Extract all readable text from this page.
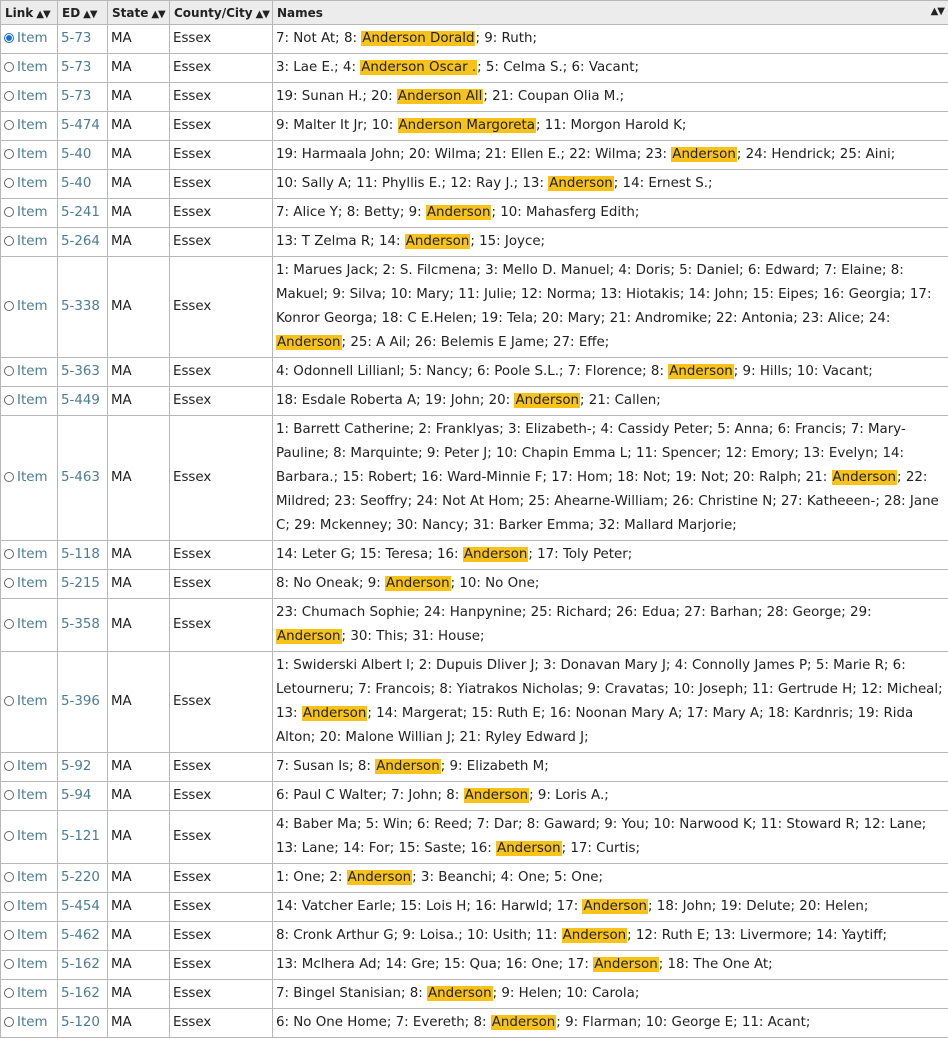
Link ▲▼	ED ▲▼	State ▲▼	County/City ▲▼	Names ▲▼

Item	5-73	MA	Essex	7: Not At; 8: Anderson Dorald; 9: Ruth;
Item	5-73	MA	Essex	3: Lae E.; 4: Anderson Oscar .; 5: Celma S.; 6: Vacant;
Item	5-73	MA	Essex	19: Sunan H.; 20: Anderson All; 21: Coupan Olia M.;
Item	5-474	MA	Essex	9: Malter It Jr; 10: Anderson Margoreta; 11: Morgon Harold K;
Item	5-40	MA	Essex	19: Harmaala John; 20: Wilma; 21: Ellen E.; 22: Wilma; 23: Anderson; 24: Hendrick; 25: Aini;
Item	5-40	MA	Essex	10: Sally A; 11: Phyllis E.; 12: Ray J.; 13: Anderson; 14: Ernest S.;
Item	5-241	MA	Essex	7: Alice Y; 8: Betty; 9: Anderson; 10: Mahasferg Edith;
Item	5-264	MA	Essex	13: T Zelma R; 14: Anderson; 15: Joyce;
Item	5-338	MA	Essex	1: Marues Jack; 2: S. Filcmena; 3: Mello D. Manuel; 4: Doris; 5: Daniel; 6: Edward; 7: Elaine; 8: Makuel; 9: Silva; 10: Mary; 11: Julie; 12: Norma; 13: Hiotakis; 14: John; 15: Eipes; 16: Georgia; 17: Konror Georga; 18: C E.Helen; 19: Tela; 20: Mary; 21: Andromike; 22: Antonia; 23: Alice; 24: Anderson; 25: A Ail; 26: Belemis E Jame; 27: Effe;
Item	5-363	MA	Essex	4: Odonnell Lillianl; 5: Nancy; 6: Poole S.L.; 7: Florence; 8: Anderson; 9: Hills; 10: Vacant;
Item	5-449	MA	Essex	18: Esdale Roberta A; 19: John; 20: Anderson; 21: Callen;
Item	5-463	MA	Essex	1: Barrett Catherine; 2: Franklyas; 3: Elizabeth-; 4: Cassidy Peter; 5: Anna; 6: Francis; 7: Mary-Pauline; 8: Marquinte; 9: Peter J; 10: Chapin Emma L; 11: Spencer; 12: Emory; 13: Evelyn; 14: Barbara.; 15: Robert; 16: Ward-Minnie F; 17: Hom; 18: Not; 19: Not; 20: Ralph; 21: Anderson; 22: Mildred; 23: Seoffry; 24: Not At Hom; 25: Ahearne-William; 26: Christine N; 27: Katheeen-; 28: Jane C; 29: Mckenney; 30: Nancy; 31: Barker Emma; 32: Mallard Marjorie;
Item	5-118	MA	Essex	14: Leter G; 15: Teresa; 16: Anderson; 17: Toly Peter;
Item	5-215	MA	Essex	8: No Oneak; 9: Anderson; 10: No One;
Item	5-358	MA	Essex	23: Chumach Sophie; 24: Hanpynine; 25: Richard; 26: Edua; 27: Barhan; 28: George; 29: Anderson; 30: This; 31: House;
Item	5-396	MA	Essex	1: Swiderski Albert I; 2: Dupuis Dliver J; 3: Donavan Mary J; 4: Connolly James P; 5: Marie R; 6: Letourneru; 7: Francois; 8: Yiatrakos Nicholas; 9: Cravatas; 10: Joseph; 11: Gertrude H; 12: Micheal; 13: Anderson; 14: Margerat; 15: Ruth E; 16: Noonan Mary A; 17: Mary A; 18: Kardnris; 19: Rida Alton; 20: Malone Willian J; 21: Ryley Edward J;
Item	5-92	MA	Essex	7: Susan Is; 8: Anderson; 9: Elizabeth M;
Item	5-94	MA	Essex	6: Paul C Walter; 7: John; 8: Anderson; 9: Loris A.;
Item	5-121	MA	Essex	4: Baber Ma; 5: Win; 6: Reed; 7: Dar; 8: Gaward; 9: You; 10: Narwood K; 11: Stoward R; 12: Lane; 13: Lane; 14: For; 15: Saste; 16: Anderson; 17: Curtis;
Item	5-220	MA	Essex	1: One; 2: Anderson; 3: Beanchi; 4: One; 5: One;
Item	5-454	MA	Essex	14: Vatcher Earle; 15: Lois H; 16: Harwld; 17: Anderson; 18: John; 19: Delute; 20: Helen;
Item	5-462	MA	Essex	8: Cronk Arthur G; 9: Loisa.; 10: Usith; 11: Anderson; 12: Ruth E; 13: Livermore; 14: Yaytiff;
Item	5-162	MA	Essex	13: Mclhera Ad; 14: Gre; 15: Qua; 16: One; 17: Anderson; 18: The One At;
Item	5-162	MA	Essex	7: Bingel Stanisian; 8: Anderson; 9: Helen; 10: Carola;
Item	5-120	MA	Essex	6: No One Home; 7: Evereth; 8: Anderson; 9: Flarman; 10: George E; 11: Acant;
